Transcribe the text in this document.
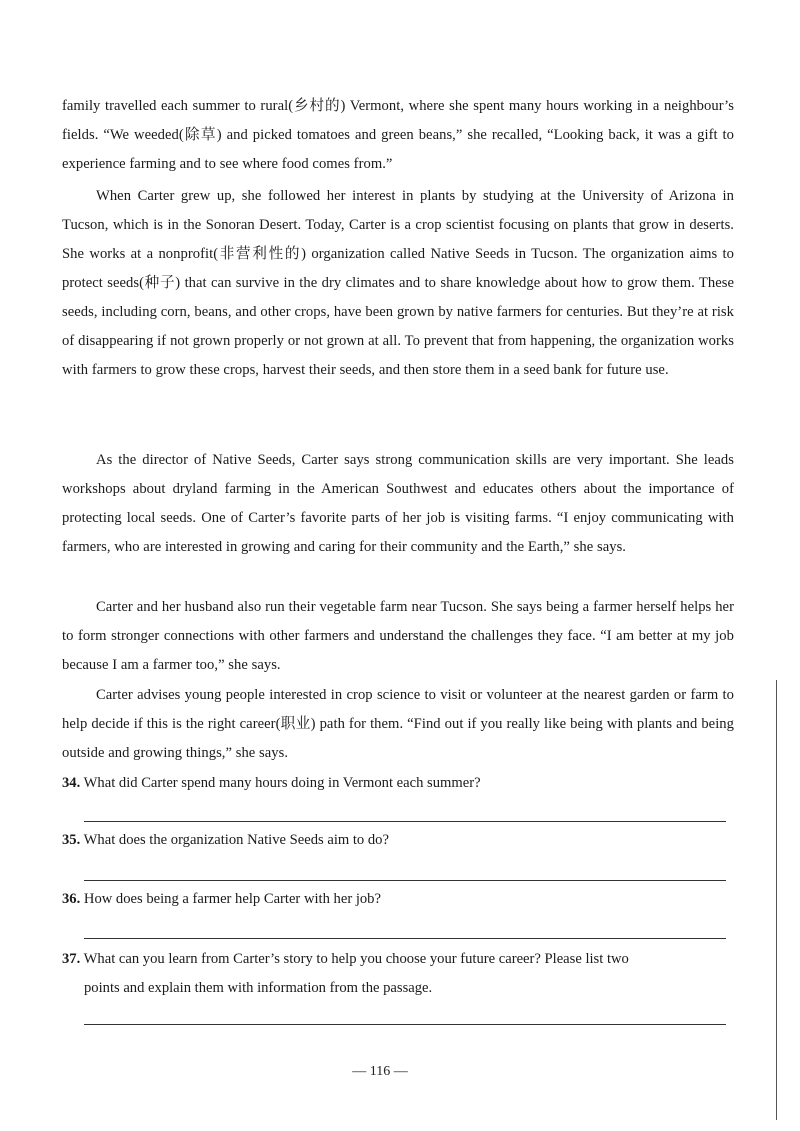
family travelled each summer to rural(乡村的) Vermont, where she spent many hours working in a neighbour’s fields. “We weeded(除草) and picked tomatoes and green beans,” she recalled, “Looking back, it was a gift to experience farming and to see where food comes from.”

When Carter grew up, she followed her interest in plants by studying at the University of Arizona in Tucson, which is in the Sonoran Desert. Today, Carter is a crop scientist focusing on plants that grow in deserts. She works at a nonprofit(非营利性的) organization called Native Seeds in Tucson. The organization aims to protect seeds(种子) that can survive in the dry climates and to share knowledge about how to grow them. These seeds, including corn, beans, and other crops, have been grown by native farmers for centuries. But they’re at risk of disappearing if not grown properly or not grown at all. To prevent that from happening, the organization works with farmers to grow these crops, harvest their seeds, and then store them in a seed bank for future use.

As the director of Native Seeds, Carter says strong communication skills are very important. She leads workshops about dryland farming in the American Southwest and educates others about the importance of protecting local seeds. One of Carter’s favorite parts of her job is visiting farms. “I enjoy communicating with farmers, who are interested in growing and caring for their community and the Earth,” she says.

Carter and her husband also run their vegetable farm near Tucson. She says being a farmer herself helps her to form stronger connections with other farmers and understand the challenges they face. “I am better at my job because I am a farmer too,” she says.

Carter advises young people interested in crop science to visit or volunteer at the nearest garden or farm to help decide if this is the right career(职业) path for them. “Find out if you really like being with plants and being outside and growing things,” she says.

34. What did Carter spend many hours doing in Vermont each summer?
35. What does the organization Native Seeds aim to do?
36. How does being a farmer help Carter with her job?
37. What can you learn from Carter’s story to help you choose your future career? Please list two
points and explain them with information from the passage.
— 116 —
